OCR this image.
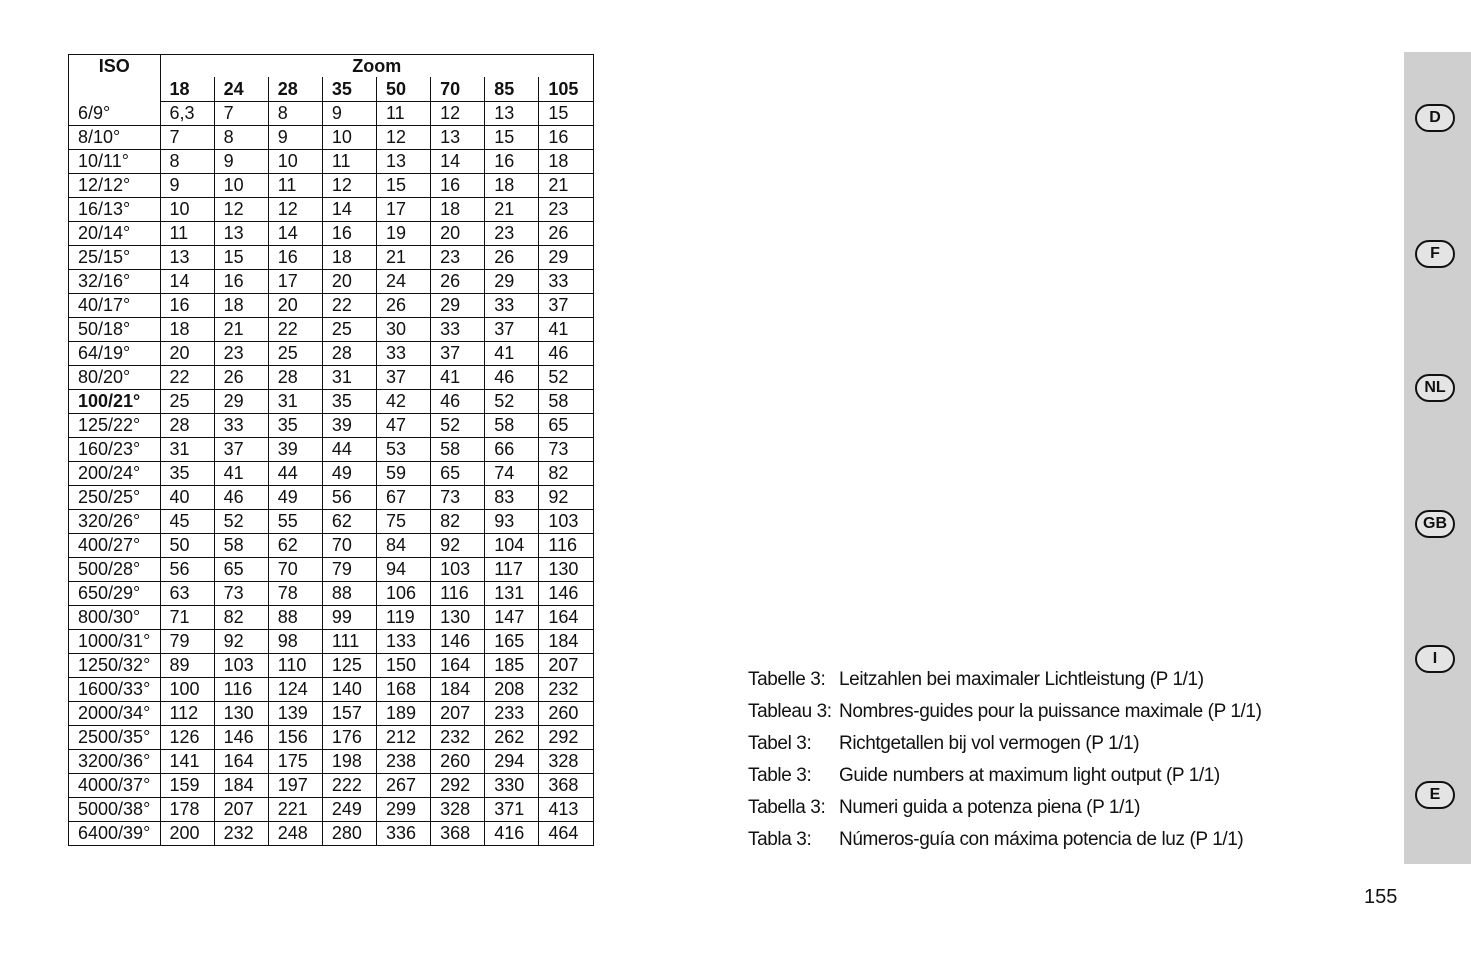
ISO	Zoom							
	18	24	28	35	50	70	85	105
6/9°	6,3	7	8	9	11	12	13	15
8/10°	7	8	9	10	12	13	15	16
10/11°	8	9	10	11	13	14	16	18
12/12°	9	10	11	12	15	16	18	21
16/13°	10	12	12	14	17	18	21	23
20/14°	11	13	14	16	19	20	23	26
25/15°	13	15	16	18	21	23	26	29
32/16°	14	16	17	20	24	26	29	33
40/17°	16	18	20	22	26	29	33	37
50/18°	18	21	22	25	30	33	37	41
64/19°	20	23	25	28	33	37	41	46
80/20°	22	26	28	31	37	41	46	52
100/21°	25	29	31	35	42	46	52	58
125/22°	28	33	35	39	47	52	58	65
160/23°	31	37	39	44	53	58	66	73
200/24°	35	41	44	49	59	65	74	82
250/25°	40	46	49	56	67	73	83	92
320/26°	45	52	55	62	75	82	93	103
400/27°	50	58	62	70	84	92	104	116
500/28°	56	65	70	79	94	103	117	130
650/29°	63	73	78	88	106	116	131	146
800/30°	71	82	88	99	119	130	147	164
1000/31°	79	92	98	111	133	146	165	184
1250/32°	89	103	110	125	150	164	185	207
1600/33°	100	116	124	140	168	184	208	232
2000/34°	112	130	139	157	189	207	233	260
2500/35°	126	146	156	176	212	232	262	292
3200/36°	141	164	175	198	238	260	294	328
4000/37°	159	184	197	222	267	292	330	368
5000/38°	178	207	221	249	299	328	371	413
6400/39°	200	232	248	280	336	368	416	464
Tabelle 3: Leitzahlen bei maximaler Lichtleistung (P 1/1)
Tableau 3: Nombres-guides pour la puissance maximale (P 1/1)
Tabel 3:	Richtgetallen bij vol vermogen (P 1/1)
Table 3:	Guide numbers at maximum light output (P 1/1)
Tabella 3: Numeri guida a potenza piena (P 1/1)
Tabla 3:	Números-guía con máxima potencia de luz (P 1/1)
D
F
NL
GB
I
E
155
